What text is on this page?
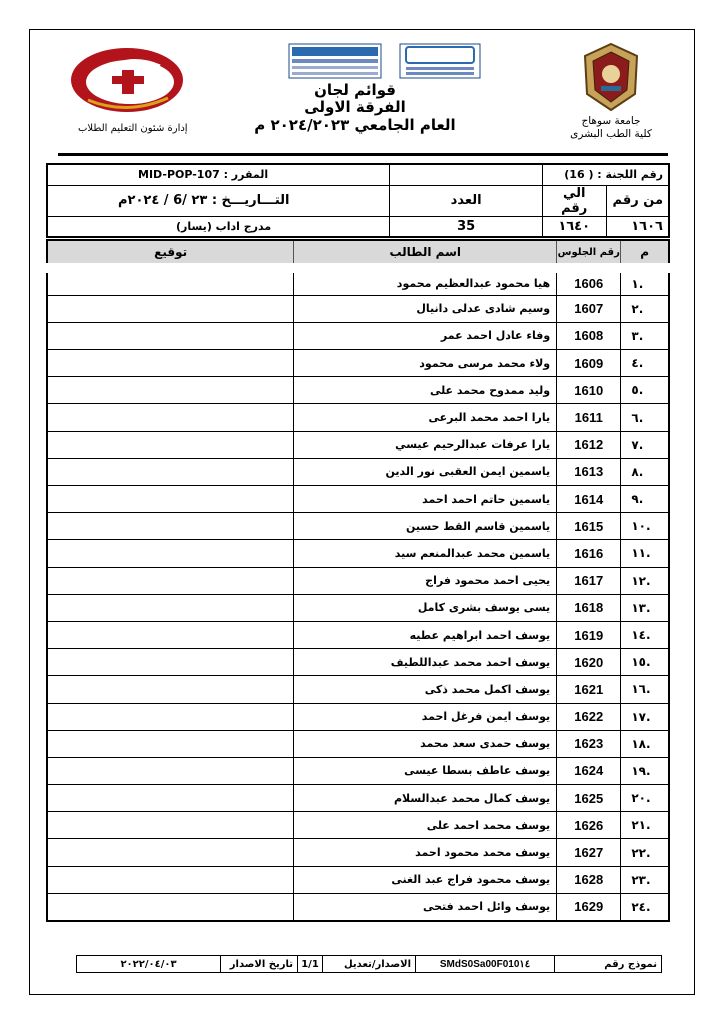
جامعة سوهاج
كلية الطب البشرى
إدارة شئون التعليم الطلاب
قوائم لجان
الفرقة الاولى
العام الجامعي ٢٠٢٤/٢٠٢٣ م
رقم اللجنة : ( 16)			المقرر : MID-POP-107
من رقم	الي رقم	العدد	التـــاريـــخ : ٢٣ /6 / ٢٠٢٤م
١٦٠٦	١٦٤٠	35	مدرج اداب (يسار)
م	رقم الجلوس	اسم الطالب	توقيع
.١	1606	هيا محمود عبدالعظيم محمود	
.٢	1607	وسيم شادى عدلى دانيال	
.٣	1608	وفاء عادل احمد عمر	
.٤	1609	ولاء محمد مرسى محمود	
.٥	1610	وليد ممدوح محمد على	
.٦	1611	يارا احمد محمد البرعى	
.٧	1612	يارا عرفات عبدالرحيم عيسي	
.٨	1613	ياسمين ايمن العقبى نور الدين	
.٩	1614	ياسمين حاتم احمد احمد	
.١٠	1615	ياسمين قاسم القط حسين	
.١١	1616	ياسمين محمد عبدالمنعم سيد	
.١٢	1617	يحيى احمد محمود فراج	
.١٣	1618	يسى يوسف بشرى كامل	
.١٤	1619	يوسف احمد ابراهيم عطيه	
.١٥	1620	يوسف احمد محمد عبداللطيف	
.١٦	1621	يوسف اكمل محمد ذكى	
.١٧	1622	يوسف ايمن فرغل احمد	
.١٨	1623	يوسف حمدى سعد محمد	
.١٩	1624	يوسف عاطف بسطا عيسى	
.٢٠	1625	يوسف كمال محمد عبدالسلام	
.٢١	1626	يوسف محمد احمد على	
.٢٢	1627	يوسف محمد محمود احمد	
.٢٣	1628	يوسف محمود فراج عبد الغنى	
.٢٤	1629	يوسف وائل احمد فتحى	
نموذج رقم
SMdS0Sa00F010١٤
الاصدار/تعديل
1/1
تاريخ الاصدار
٢٠٢٢/٠٤/٠٣
